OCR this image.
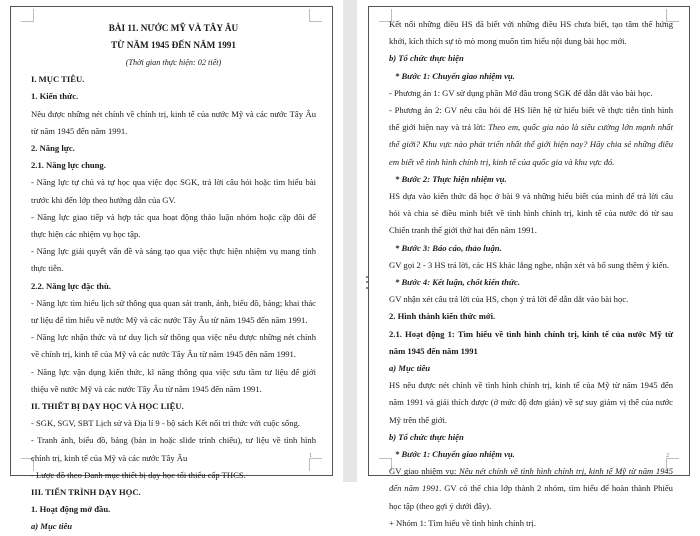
BÀI 11. NƯỚC MỸ VÀ TÂY ÂU

TỪ NĂM 1945 ĐẾN NĂM 1991

(Thời gian thực hiện: 02 tiết)

I. MỤC TIÊU.

1. Kiến thức.

Nêu được những nét chính về chính trị, kinh tế của nước Mỹ và các nước Tây Âu từ năm 1945 đến năm 1991.

2. Năng lực.

2.1. Năng lực chung.

- Năng lực tự chủ và tự học qua việc đọc SGK, trả lời câu hỏi hoặc tìm hiểu bài trước khi đến lớp theo hướng dẫn của GV.

- Năng lực giao tiếp và hợp tác qua hoạt động thảo luận nhóm hoặc cặp đôi để thực hiện các nhiệm vụ học tập.

- Năng lực giải quyết vấn đề và sáng tạo qua việc thực hiện nhiệm vụ mang tính thực tiễn.

2.2. Năng lực đặc thù.

- Năng lực tìm hiểu lịch sử thông qua quan sát tranh, ảnh, biểu đồ, bảng; khai thác tư liệu để tìm hiểu về nước Mỹ và các nước Tây Âu từ năm 1945 đến năm 1991.

- Năng lực nhận thức và tư duy lịch sử thông qua việc nêu được những nét chính về chính trị, kinh tế của Mỹ và các nước Tây Âu từ năm 1945 đến năm 1991.

- Năng lực vận dụng kiến thức, kĩ năng thông qua việc sưu tầm tư liệu để giới thiệu về nước Mỹ và các nước Tây Âu từ năm 1945 đến năm 1991.

II. THIẾT BỊ DẠY HỌC VÀ HỌC LIỆU.

- SGK, SGV, SBT Lịch sử và Địa lí 9 - bộ sách Kết nối tri thức với cuộc sống.

- Tranh ảnh, biểu đồ, bảng (bản in hoặc slide trình chiếu), tư liệu về tình hình chính trị, kinh tế của Mỹ và các nước Tây Âu

- Lược đồ theo Danh mục thiết bị dạy học tối thiểu cấp THCS.

III. TIẾN TRÌNH DẠY HỌC.

1. Hoạt động mở đầu.

a) Mục tiêu

1

Kết nối những điều HS đã biết với những điều HS chưa biết, tạo tâm thế hứng khởi, kích thích sự tò mò mong muốn tìm hiểu nội dung bài học mới.

b) Tổ chức thực hiện

* Bước 1: Chuyển giao nhiệm vụ.

- Phương án 1: GV sử dụng phần Mở đầu trong SGK để dẫn dắt vào bài học.

- Phương án 2: GV nêu câu hỏi để HS liên hệ từ hiểu biết về thực tiễn tình hình thế giới hiện nay và trả lời: Theo em, quốc gia nào là siêu cường lớn mạnh nhất thế giới? Khu vực nào phát triển nhất thế giới hiện nay? Hãy chia sẻ những điều em biết về tình hình chính trị, kinh tế của quốc gia và khu vực đó.

* Bước 2: Thực hiện nhiệm vụ.

HS dựa vào kiến thức đã học ở bài 9 và những hiểu biết của mình để trả lời câu hỏi và chia sẻ điều mình biết về tình hình chính trị, kinh tế của nước đó từ sau Chiến tranh thế giới thứ hai đến năm 1991.

* Bước 3: Báo cáo, thảo luận.

GV gọi 2 - 3 HS trả lời, các HS khác lắng nghe, nhận xét và bổ sung thêm ý kiến.

* Bước 4: Kết luận, chốt kiến thức.

GV nhận xét câu trả lời của HS, chọn ý trả lời để dẫn dắt vào bài học.

2. Hình thành kiến thức mới.

2.1. Hoạt động 1: Tìm hiểu về tình hình chính trị, kinh tế của nước Mỹ từ năm 1945 đến năm 1991

a) Mục tiêu

HS nêu được nét chính về tình hình chính trị, kinh tế của Mỹ từ năm 1945 đến năm 1991 và giải thích được (ở mức độ đơn giản) về sự suy giảm vị thế của nước Mỹ trên thế giới.

b) Tổ chức thực hiện

* Bước 1: Chuyển giao nhiệm vụ.

GV giao nhiệm vụ: Nêu nét chính về tình hình chính trị, kinh tế Mỹ từ năm 1945 đến năm 1991. GV có thể chia lớp thành 2 nhóm, tìm hiểu để hoàn thành Phiếu học tập (theo gợi ý dưới đây).

+ Nhóm 1: Tìm hiểu về tình hình chính trị.

2
